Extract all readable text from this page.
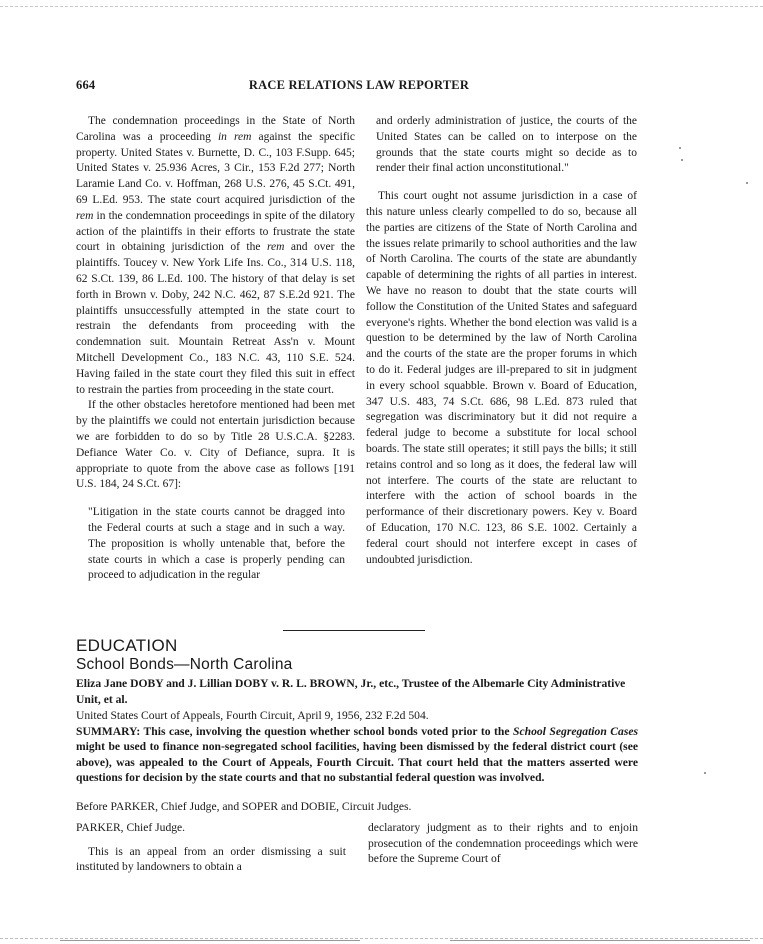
664	RACE RELATIONS LAW REPORTER

The condemnation proceedings in the State of North Carolina was a proceeding in rem against the specific property. United States v. Burnette, D. C., 103 F.Supp. 645; United States v. 25.936 Acres, 3 Cir., 153 F.2d 277; North Laramie Land Co. v. Hoffman, 268 U.S. 276, 45 S.Ct. 491, 69 L.Ed. 953. The state court acquired jurisdiction of the rem in the condemnation proceedings in spite of the dilatory action of the plaintiffs in their efforts to frustrate the state court in obtaining jurisdiction of the rem and over the plaintiffs. Toucey v. New York Life Ins. Co., 314 U.S. 118, 62 S.Ct. 139, 86 L.Ed. 100. The history of that delay is set forth in Brown v. Doby, 242 N.C. 462, 87 S.E.2d 921. The plaintiffs unsuccessfully attempted in the state court to restrain the defendants from proceeding with the condemnation suit. Mountain Retreat Ass'n v. Mount Mitchell Development Co., 183 N.C. 43, 110 S.E. 524. Having failed in the state court they filed this suit in effect to restrain the parties from proceeding in the state court.

If the other obstacles heretofore mentioned had been met by the plaintiffs we could not entertain jurisdiction because we are forbidden to do so by Title 28 U.S.C.A. §2283. Defiance Water Co. v. City of Defiance, supra. It is appropriate to quote from the above case as follows [191 U.S. 184, 24 S.Ct. 67]:

"Litigation in the state courts cannot be dragged into the Federal courts at such a stage and in such a way. The proposition is wholly untenable that, before the state courts in which a case is properly pending can proceed to adjudication in the regular

and orderly administration of justice, the courts of the United States can be called on to interpose on the grounds that the state courts might so decide as to render their final action unconstitutional."

This court ought not assume jurisdiction in a case of this nature unless clearly compelled to do so, because all the parties are citizens of the State of North Carolina and the issues relate primarily to school authorities and the law of North Carolina. The courts of the state are abundantly capable of determining the rights of all parties in interest. We have no reason to doubt that the state courts will follow the Constitution of the United States and safeguard everyone's rights. Whether the bond election was valid is a question to be determined by the law of North Carolina and the courts of the state are the proper forums in which to do it. Federal judges are ill-prepared to sit in judgment in every school squabble. Brown v. Board of Education, 347 U.S. 483, 74 S.Ct. 686, 98 L.Ed. 873 ruled that segregation was discriminatory but it did not require a federal judge to become a substitute for local school boards. The state still operates; it still pays the bills; it still retains control and so long as it does, the federal law will not interfere. The courts of the state are reluctant to interfere with the action of school boards in the performance of their discretionary powers. Key v. Board of Education, 170 N.C. 123, 86 S.E. 1002. Certainly a federal court should not interfere except in cases of undoubted jurisdiction.

EDUCATION
School Bonds—North Carolina
Eliza Jane DOBY and J. Lillian DOBY v. R. L. BROWN, Jr., etc., Trustee of the Albemarle City Administrative Unit, et al.
United States Court of Appeals, Fourth Circuit, April 9, 1956, 232 F.2d 504.
SUMMARY: This case, involving the question whether school bonds voted prior to the School Segregation Cases might be used to finance non-segregated school facilities, having been dismissed by the federal district court (see above), was appealed to the Court of Appeals, Fourth Circuit. That court held that the matters asserted were questions for decision by the state courts and that no substantial federal question was involved.
Before PARKER, Chief Judge, and SOPER and DOBIE, Circuit Judges.

PARKER, Chief Judge.

This is an appeal from an order dismissing a suit instituted by landowners to obtain a

declaratory judgment as to their rights and to enjoin prosecution of the condemnation proceedings which were before the Supreme Court of
